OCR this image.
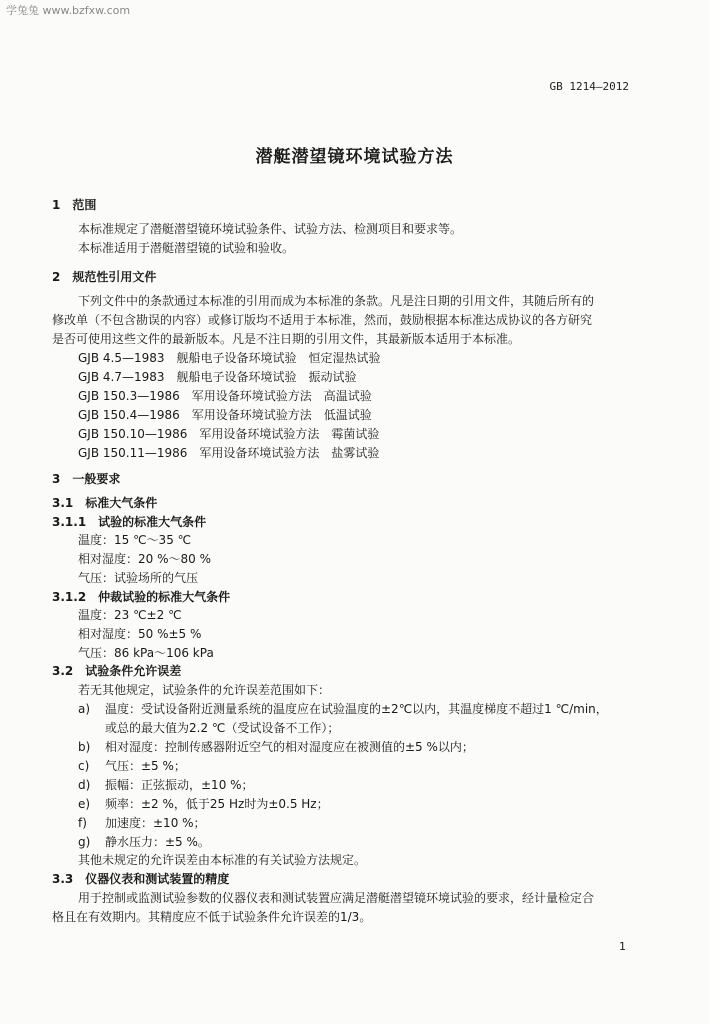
学兔兔 www.bzfxw.com
GB 1214—2012
潜艇潜望镜环境试验方法
1　范围
本标准规定了潜艇潜望镜环境试验条件、试验方法、检测项目和要求等。
本标准适用于潜艇潜望镜的试验和验收。
2　规范性引用文件
下列文件中的条款通过本标准的引用而成为本标准的条款。凡是注日期的引用文件，其随后所有的
修改单（不包含勘误的内容）或修订版均不适用于本标准，然而，鼓励根据本标准达成协议的各方研究
是否可使用这些文件的最新版本。凡是不注日期的引用文件，其最新版本适用于本标准。
GJB 4.5—1983　舰船电子设备环境试验　恒定湿热试验
GJB 4.7—1983　舰船电子设备环境试验　振动试验
GJB 150.3—1986　军用设备环境试验方法　高温试验
GJB 150.4—1986　军用设备环境试验方法　低温试验
GJB 150.10—1986　军用设备环境试验方法　霉菌试验
GJB 150.11—1986　军用设备环境试验方法　盐雾试验
3　一般要求
3.1　标准大气条件
3.1.1　试验的标准大气条件
温度：15 ℃～35 ℃
相对湿度：20 %～80 %
气压：试验场所的气压
3.1.2　仲裁试验的标准大气条件
温度：23 ℃±2 ℃
相对湿度：50 %±5 %
气压：86 kPa～106 kPa
3.2　试验条件允许误差
若无其他规定，试验条件的允许误差范围如下：
a) 温度：受试设备附近测量系统的温度应在试验温度的±2℃以内，其温度梯度不超过1 ℃/min，
或总的最大值为2.2 ℃（受试设备不工作）；
b) 相对湿度：控制传感器附近空气的相对湿度应在被测值的±5 %以内；
c) 气压：±5 %；
d) 振幅：正弦振动，±10 %；
e) 频率：±2 %，低于25 Hz时为±0.5 Hz；
f) 加速度：±10 %；
g) 静水压力：±5 %。
其他未规定的允许误差由本标准的有关试验方法规定。
3.3　仪器仪表和测试装置的精度
用于控制或监测试验参数的仪器仪表和测试装置应满足潜艇潜望镜环境试验的要求，经计量检定合
格且在有效期内。其精度应不低于试验条件允许误差的1/3。
1
